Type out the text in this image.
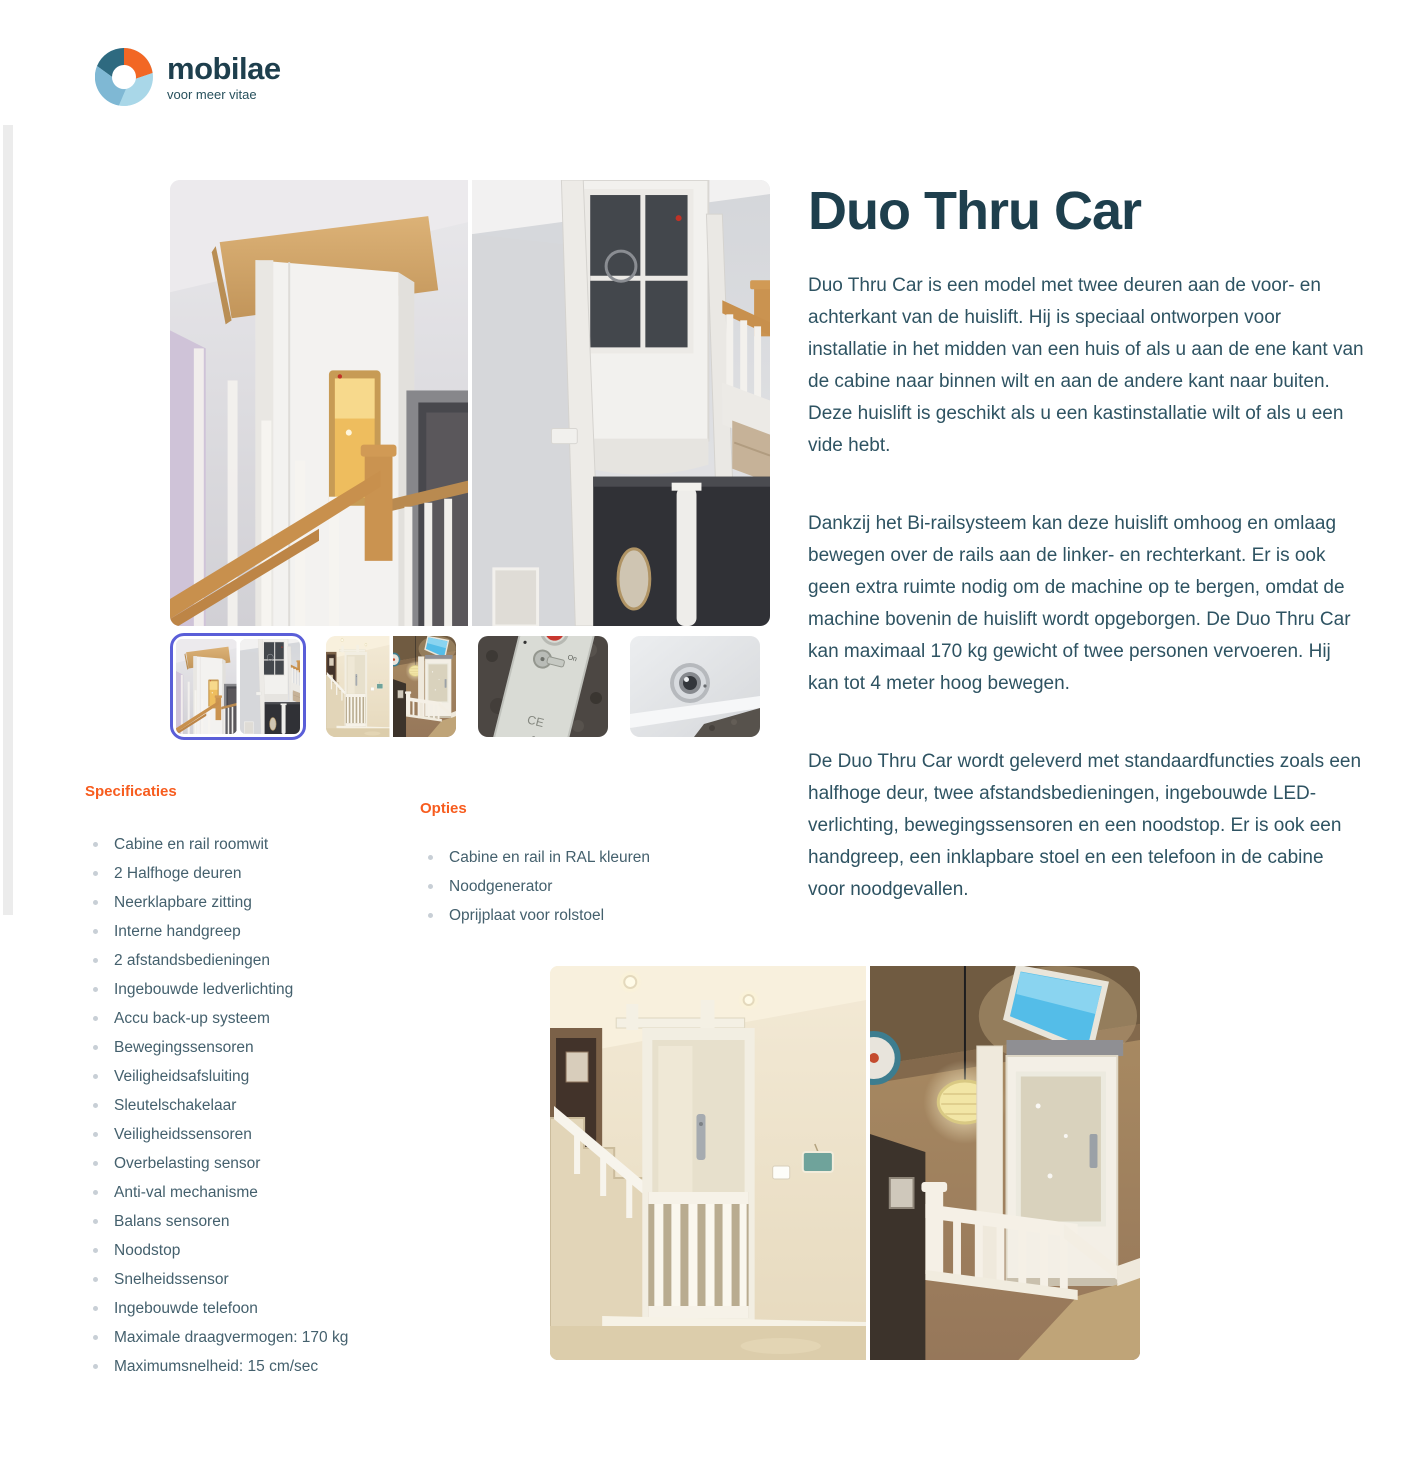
mobilae
voor meer vitae
Duo Thru Car

Duo Thru Car is een model met twee deuren aan de voor- en achterkant van de huislift. Hij is speciaal ontworpen voor installatie in het midden van een huis of als u aan de ene kant van de cabine naar binnen wilt en aan de andere kant naar buiten. Deze huislift is geschikt als u een kastinstallatie wilt of als u een vide hebt.

Dankzij het Bi-railsysteem kan deze huislift omhoog en omlaag bewegen over de rails aan de linker- en rechterkant. Er is ook geen extra ruimte nodig om de machine op te bergen, omdat de machine bovenin de huislift wordt opgeborgen. De Duo Thru Car kan maximaal 170 kg gewicht of twee personen vervoeren. Hij kan tot 4 meter hoog bewegen.

De Duo Thru Car wordt geleverd met standaardfuncties zoals een halfhoge deur, twee afstandsbedieningen, ingebouwde LED-verlichting, bewegingssensoren en een noodstop. Er is ook een handgreep, een inklapbare stoel en een telefoon in de cabine voor noodgevallen.

Specificaties
Cabine en rail roomwit
2 Halfhoge deuren
Neerklapbare zitting
Interne handgreep
2 afstandsbedieningen
Ingebouwde ledverlichting
Accu back-up systeem
Bewegingssensoren
Veiligheidsafsluiting
Sleutelschakelaar
Veiligheidssensoren
Overbelasting sensor
Anti-val mechanisme
Balans sensoren
Noodstop
Snelheidssensor
Ingebouwde telefoon
Maximale draagvermogen: 170 kg
Maximumsnelheid: 15 cm/sec
Opties
Cabine en rail in RAL kleuren
Noodgenerator
Oprijplaat voor rolstoel
